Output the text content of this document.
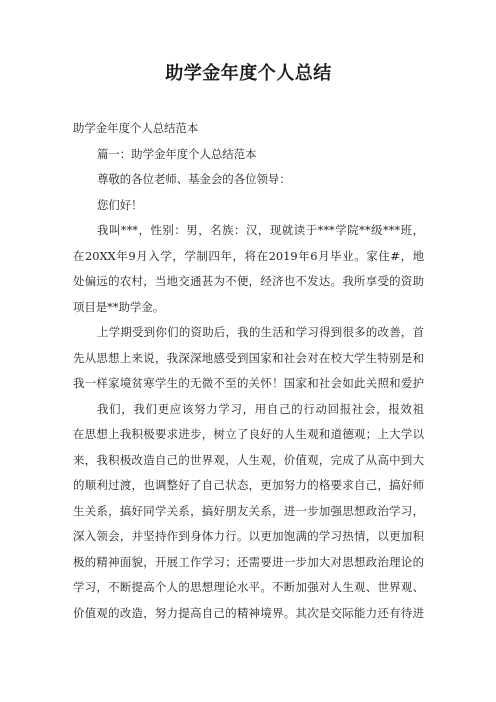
助学金年度个人总结
助学金年度个人总结范本
篇一：助学金年度个人总结范本
尊敬的各位老师、基金会的各位领导：
您们好！
我叫***，性别：男，名族：汉，现就读于***学院**级***班，
在20XX年9月入学，学制四年，将在2019年6月毕业。家住#，地
处偏远的农村，当地交通甚为不便，经济也不发达。我所享受的资助
项目是**助学金。
上学期受到你们的资助后，我的生活和学习得到很多的改善，首
先从思想上来说，我深深地感受到国家和社会对在校大学生特别是和
我一样家境贫寒学生的无微不至的关怀！国家和社会如此关照和爱护
我们，我们更应该努力学习，用自己的行动回报社会，报效祖
在思想上我积极要求进步，树立了良好的人生观和道德观；上大学以
来，我积极改造自己的世界观，人生观，价值观，完成了从高中到大
的顺利过渡，也调整好了自己状态，更加努力的格要求自己，搞好师
生关系，搞好同学关系，搞好朋友关系，进一步加强思想政治学习，
深入领会，并坚持作到身体力行。以更加饱满的学习热情，以更加积
极的精神面貌，开展工作学习；还需要进一步加大对思想政治理论的
学习，不断提高个人的思想理论水平。不断加强对人生观、世界观、
价值观的改造，努力提高自己的精神境界。其次是交际能力还有待进
